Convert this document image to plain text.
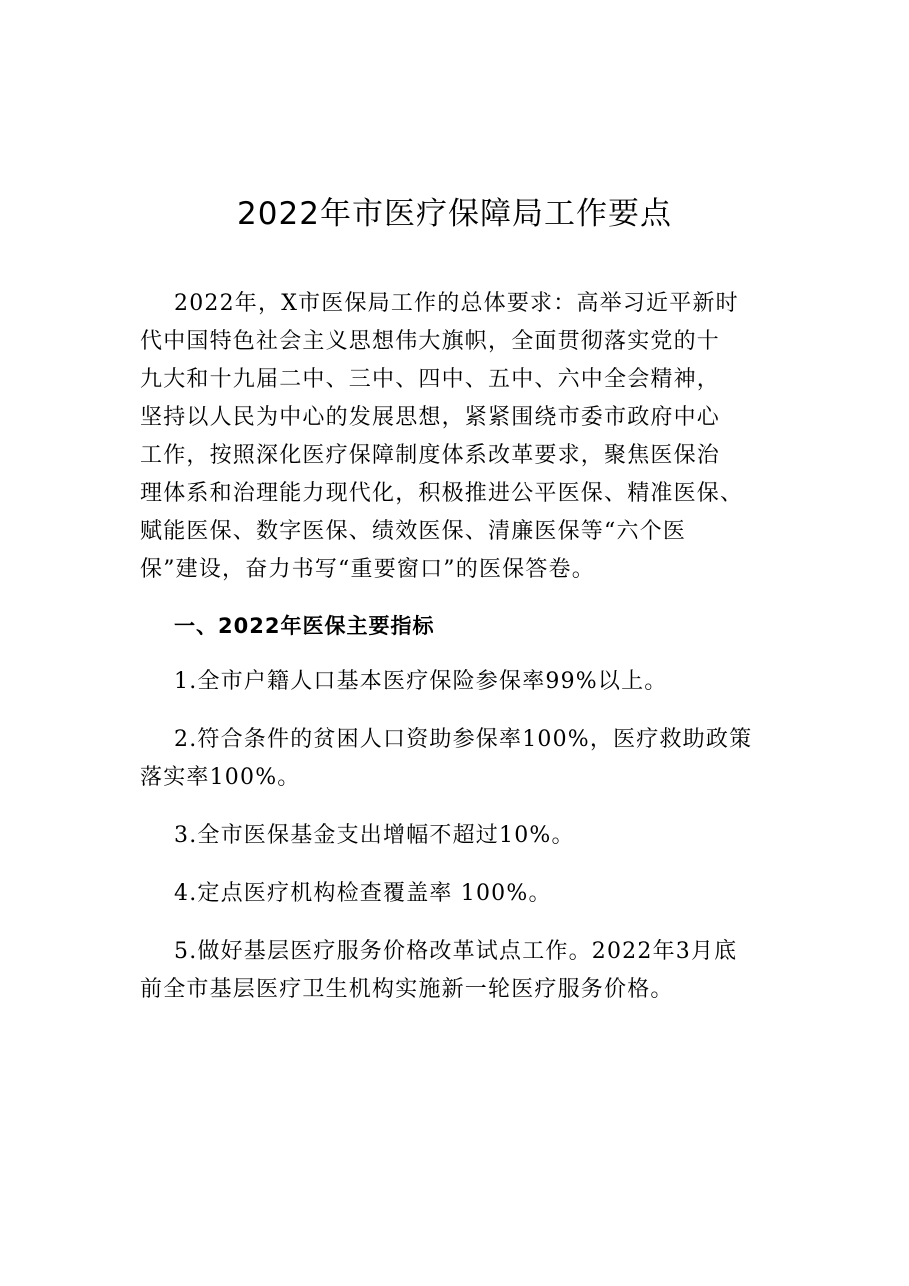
2022年市医疗保障局工作要点
2022年，X市医保局工作的总体要求：高举习近平新时
代中国特色社会主义思想伟大旗帜，全面贯彻落实党的十
九大和十九届二中、三中、四中、五中、六中全会精神，
坚持以人民为中心的发展思想，紧紧围绕市委市政府中心
工作，按照深化医疗保障制度体系改革要求，聚焦医保治
理体系和治理能力现代化，积极推进公平医保、精准医保、
赋能医保、数字医保、绩效医保、清廉医保等“六个医
保”建设，奋力书写“重要窗口”的医保答卷。
一、2022年医保主要指标
1.全市户籍人口基本医疗保险参保率99%以上。
2.符合条件的贫困人口资助参保率100%，医疗救助政策
落实率100%。
3.全市医保基金支出增幅不超过10%。
4.定点医疗机构检查覆盖率 100%。
5.做好基层医疗服务价格改革试点工作。2022年3月底
前全市基层医疗卫生机构实施新一轮医疗服务价格。
